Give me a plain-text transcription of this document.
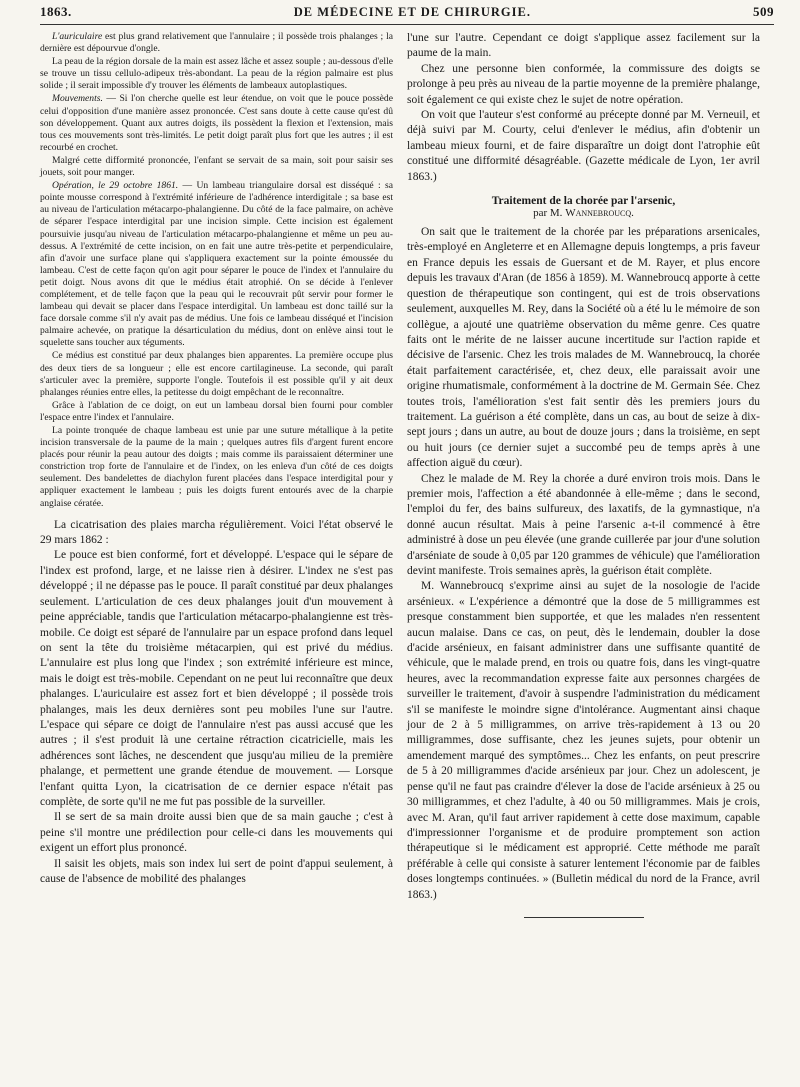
1863.	DE MÉDECINE ET DE CHIRURGIE.	509

L'auriculaire est plus grand relativement que l'annulaire ; il possède trois phalanges ; la dernière est dépourvue d'ongle.

La peau de la région dorsale de la main est assez lâche et assez souple ; au-dessous d'elle se trouve un tissu cellulo-adipeux très-abondant. La peau de la région palmaire est plus solide ; il serait impossible d'y trouver les éléments de lambeaux autoplastiques.

Mouvements. — Si l'on cherche quelle est leur étendue, on voit que le pouce possède celui d'opposition d'une manière assez prononcée. C'est sans doute à cette cause qu'est dû son développement. Quant aux autres doigts, ils possèdent la flexion et l'extension, mais tous ces mouvements sont très-limités. Le petit doigt paraît plus fort que les autres ; il est recourbé en crochet.

Malgré cette difformité prononcée, l'enfant se servait de sa main, soit pour saisir ses jouets, soit pour manger.

Opération, le 29 octobre 1861. — Un lambeau triangulaire dorsal est disséqué : sa pointe mousse correspond à l'extrémité inférieure de l'adhérence interdigitale ; sa base est au niveau de l'articulation métacarpo-phalangienne. Du côté de la face palmaire, on achève de séparer l'espace interdigital par une incision simple. Cette incision est également poursuivie jusqu'au niveau de l'articulation métacarpo-phalangienne et même un peu au-dessus. A l'extrémité de cette incision, on en fait une autre très-petite et perpendiculaire, afin d'avoir une surface plane qui s'appliquera exactement sur la pointe émoussée du lambeau. C'est de cette façon qu'on agit pour séparer le pouce de l'index et l'annulaire du petit doigt. Nous avons dit que le médius était atrophié. On se décide à l'enlever complétement, et de telle façon que la peau qui le recouvrait pût servir pour former le lambeau qui devait se placer dans l'espace interdigital. Un lambeau est donc taillé sur la face dorsale comme s'il n'y avait pas de médius. Une fois ce lambeau disséqué et l'incision palmaire achevée, on pratique la désarticulation du médius, dont on enlève ainsi tout le squelette sans toucher aux téguments.

Ce médius est constitué par deux phalanges bien apparentes. La première occupe plus des deux tiers de sa longueur ; elle est encore cartilagineuse. La seconde, qui paraît s'articuler avec la première, supporte l'ongle. Toutefois il est possible qu'il y ait deux phalanges réunies entre elles, la petitesse du doigt empêchant de le reconnaître.

Grâce à l'ablation de ce doigt, on eut un lambeau dorsal bien fourni pour combler l'espace entre l'index et l'annulaire.

La pointe tronquée de chaque lambeau est unie par une suture métallique à la petite incision transversale de la paume de la main ; quelques autres fils d'argent furent encore placés pour réunir la peau autour des doigts ; mais comme ils paraissaient déterminer une constriction trop forte de l'annulaire et de l'index, on les enleva d'un côté de ces doigts seulement. Des bandelettes de diachylon furent placées dans l'espace interdigital pour y appliquer exactement le lambeau ; puis les doigts furent entourés avec de la charpie anglaise cératée.

La cicatrisation des plaies marcha régulièrement. Voici l'état observé le 29 mars 1862 :

Le pouce est bien conformé, fort et développé. L'espace qui le sépare de l'index est profond, large, et ne laisse rien à désirer. L'index ne s'est pas développé ; il ne dépasse pas le pouce. Il paraît constitué par deux phalanges seulement. L'articulation de ces deux phalanges jouit d'un mouvement à peine appréciable, tandis que l'articulation métacarpo-phalangienne est très-mobile. Ce doigt est séparé de l'annulaire par un espace profond dans lequel on sent la tête du troisième métacarpien, qui est privé du médius. L'annulaire est plus long que l'index ; son extrémité inférieure est mince, mais le doigt est très-mobile. Cependant on ne peut lui reconnaître que deux phalanges. L'auriculaire est assez fort et bien développé ; il possède trois phalanges, mais les deux dernières sont peu mobiles l'une sur l'autre. L'espace qui sépare ce doigt de l'annulaire n'est pas aussi accusé que les autres ; il s'est produit là une certaine rétraction cicatricielle, mais les adhérences sont lâches, ne descendent que jusqu'au milieu de la première phalange, et permettent une grande étendue de mouvement. — Lorsque l'enfant quitta Lyon, la cicatrisation de ce dernier espace n'était pas complète, de sorte qu'il ne me fut pas possible de la surveiller.

Il se sert de sa main droite aussi bien que de sa main gauche ; c'est à peine s'il montre une prédilection pour celle-ci dans les mouvements qui exigent un effort plus prononcé.

Il saisit les objets, mais son index lui sert de point d'appui seulement, à cause de l'absence de mobilité des phalanges

l'une sur l'autre. Cependant ce doigt s'applique assez facilement sur la paume de la main.

Chez une personne bien conformée, la commissure des doigts se prolonge à peu près au niveau de la partie moyenne de la première phalange, soit également ce qui existe chez le sujet de notre opération.

On voit que l'auteur s'est conformé au précepte donné par M. Verneuil, et déjà suivi par M. Courty, celui d'enlever le médius, afin d'obtenir un lambeau mieux fourni, et de faire disparaître un doigt dont l'atrophie eût constitué une difformité désagréable. (Gazette médicale de Lyon, 1er avril 1863.)

Traitement de la chorée par l'arsenic,
par M. Wannebroucq.

On sait que le traitement de la chorée par les préparations arsenicales, très-employé en Angleterre et en Allemagne depuis longtemps, a pris faveur en France depuis les essais de Guersant et de M. Rayer, et plus encore depuis les travaux d'Aran (de 1856 à 1859). M. Wannebroucq apporte à cette question de thérapeutique son contingent, qui est de trois observations seulement, auxquelles M. Rey, dans la Société où a été lu le mémoire de son collègue, a ajouté une quatrième observation du même genre. Ces quatre faits ont le mérite de ne laisser aucune incertitude sur l'action rapide et décisive de l'arsenic. Chez les trois malades de M. Wannebroucq, la chorée était parfaitement caractérisée, et, chez deux, elle paraissait avoir une origine rhumatismale, conformément à la doctrine de M. Germain Sée. Chez toutes trois, l'amélioration s'est fait sentir dès les premiers jours du traitement. La guérison a été complète, dans un cas, au bout de seize à dix-sept jours ; dans un autre, au bout de douze jours ; dans la troisième, en sept ou huit jours (ce dernier sujet a succombé peu de temps après à une affection aiguë du cœur).

Chez le malade de M. Rey la chorée a duré environ trois mois. Dans le premier mois, l'affection a été abandonnée à elle-même ; dans le second, l'emploi du fer, des bains sulfureux, des laxatifs, de la gymnastique, n'a donné aucun résultat. Mais à peine l'arsenic a-t-il commencé à être administré à dose un peu élevée (une grande cuillerée par jour d'une solution d'arséniate de soude à 0,05 par 120 grammes de véhicule) que l'amélioration devint manifeste. Trois semaines après, la guérison était complète.

M. Wannebroucq s'exprime ainsi au sujet de la nosologie de l'acide arsénieux. « L'expérience a démontré que la dose de 5 milligrammes est presque constamment bien supportée, et que les malades n'en ressentent aucun malaise. Dans ce cas, on peut, dès le lendemain, doubler la dose d'acide arsénieux, en faisant administrer dans une suffisante quantité de véhicule, que le malade prend, en trois ou quatre fois, dans les vingt-quatre heures, avec la recommandation expresse faite aux personnes chargées de surveiller le traitement, d'avoir à suspendre l'administration du médicament s'il se manifeste le moindre signe d'intolérance. Augmentant ainsi chaque jour de 2 à 5 milligrammes, on arrive très-rapidement à 13 ou 20 milligrammes, dose suffisante, chez les jeunes sujets, pour obtenir un amendement marqué des symptômes... Chez les enfants, on peut prescrire de 5 à 20 milligrammes d'acide arsénieux par jour. Chez un adolescent, je pense qu'il ne faut pas craindre d'élever la dose de l'acide arsénieux à 25 ou 30 milligrammes, et chez l'adulte, à 40 ou 50 milligrammes. Mais je crois, avec M. Aran, qu'il faut arriver rapidement à cette dose maximum, capable d'impressionner l'organisme et de produire promptement son action thérapeutique si le médicament est approprié. Cette méthode me paraît préférable à celle qui consiste à saturer lentement l'économie par de faibles doses longtemps continuées. » (Bulletin médical du nord de la France, avril 1863.)
